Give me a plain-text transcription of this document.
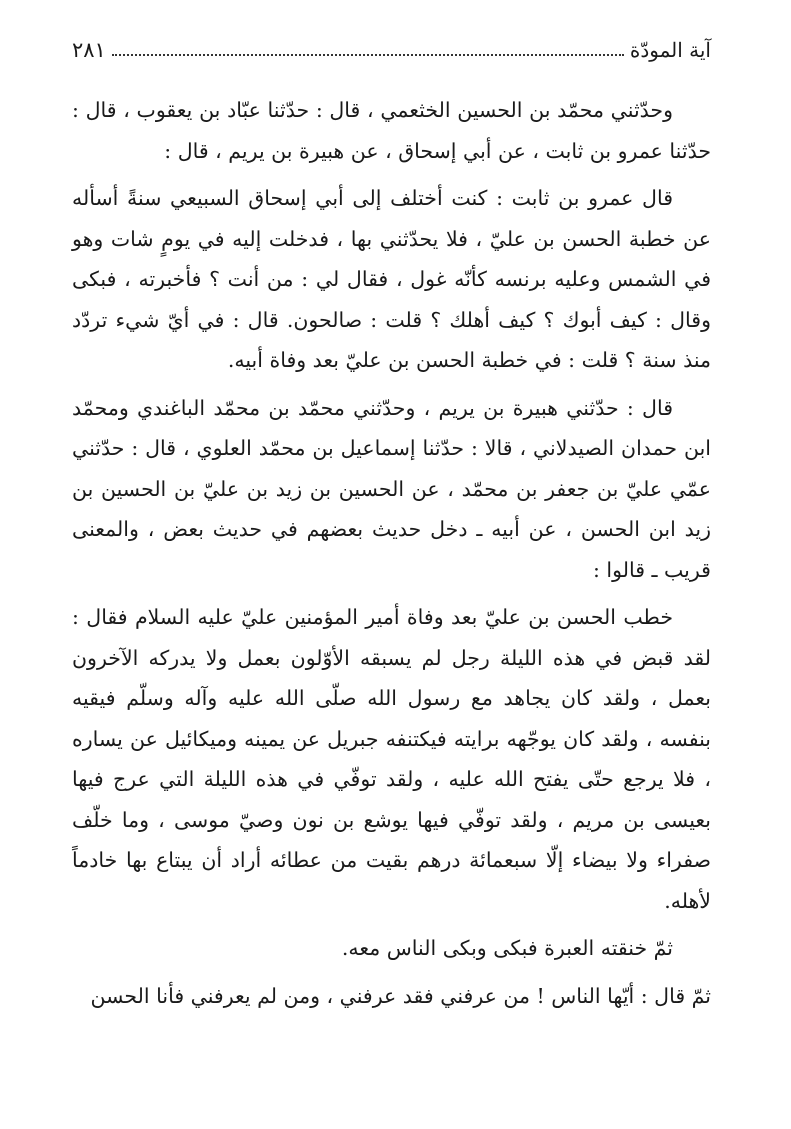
آية المودّة
٢٨١

وحدّثني محمّد بن الحسين الخثعمي ، قال : حدّثنا عبّاد بن يعقوب ، قال : حدّثنا عمرو بن ثابت ، عن أبي إسحاق ، عن هبيرة بن يريم ، قال :

قال عمرو بن ثابت : كنت أختلف إلى أبي إسحاق السبيعي سنةً أسأله عن خطبة الحسن بن عليّ ، فلا يحدّثني بها ، فدخلت إليه في يومٍ شات وهو في الشمس وعليه برنسه كأنّه غول ، فقال لي : من أنت ؟ فأخبرته ، فبكى وقال : كيف أبوك ؟ كيف أهلك ؟ قلت : صالحون. قال : في أيّ شيء تردّد منذ سنة ؟ قلت : في خطبة الحسن بن عليّ بعد وفاة أبيه.

قال : حدّثني هبيرة بن يريم ، وحدّثني محمّد بن محمّد الباغندي ومحمّد ابن حمدان الصيدلاني ، قالا : حدّثنا إسماعيل بن محمّد العلوي ، قال : حدّثني عمّي عليّ بن جعفر بن محمّد ، عن الحسين بن زيد بن عليّ بن الحسين بن زيد ابن الحسن ، عن أبيه ـ دخل حديث بعضهم في حديث بعض ، والمعنى قريب ـ قالوا :

خطب الحسن بن عليّ بعد وفاة أمير المؤمنين عليّ عليه السلام فقال : لقد قبض في هذه الليلة رجل لم يسبقه الأوّلون بعمل ولا يدركه الآخرون بعمل ، ولقد كان يجاهد مع رسول الله صلّى الله عليه وآله وسلّم فيقيه بنفسه ، ولقد كان يوجّهه برايته فيكتنفه جبريل عن يمينه وميكائيل عن يساره ، فلا يرجع حتّى يفتح الله عليه ، ولقد توفّي في هذه الليلة التي عرج فيها بعيسى بن مريم ، ولقد توفّي فيها يوشع بن نون وصيّ موسى ، وما خلّف صفراء ولا بيضاء إلّا سبعمائة درهم بقيت من عطائه أراد أن يبتاع بها خادماً لأهله.

ثمّ خنقته العبرة فبكى وبكى الناس معه.

ثمّ قال : أيّها الناس ! من عرفني فقد عرفني ، ومن لم يعرفني فأنا الحسن
